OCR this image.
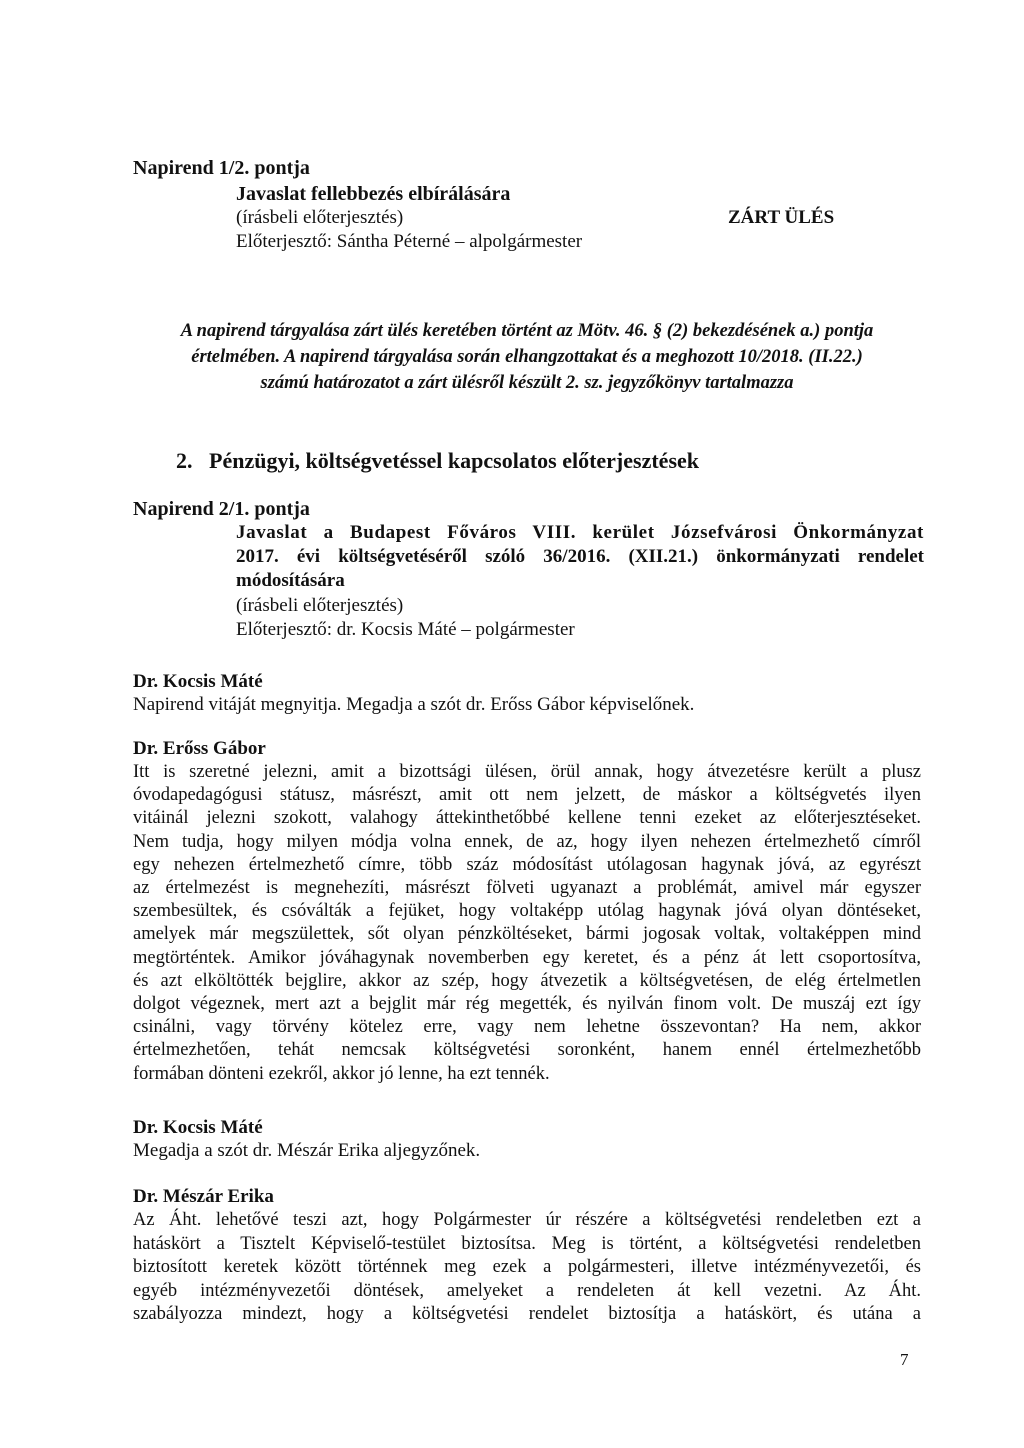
Napirend 1/2. pontja

Javaslat fellebbezés elbírálására

(írásbeli előterjesztés)

Előterjesztő: Sántha Péterné – alpolgármester

ZÁRT ÜLÉS

A napirend tárgyalása zárt ülés keretében történt az Mötv. 46. § (2) bekezdésének a.) pontja

értelmében. A napirend tárgyalása során elhangzottakat és a meghozott 10/2018. (II.22.)

számú határozatot a zárt ülésről készült 2. sz. jegyzőkönyv tartalmazza

2.   Pénzügyi, költségvetéssel kapcsolatos előterjesztések

Napirend 2/1. pontja

Javaslat a Budapest Főváros VIII. kerület Józsefvárosi Önkormányzat

2017. évi költségvetéséről szóló 36/2016. (XII.21.) önkormányzati rendelet

módosítására

(írásbeli előterjesztés)

Előterjesztő: dr. Kocsis Máté – polgármester

Dr. Kocsis Máté

Napirend vitáját megnyitja. Megadja a szót dr. Erőss Gábor képviselőnek.

Dr. Erőss Gábor

Itt is szeretné jelezni, amit a bizottsági ülésen, örül annak, hogy átvezetésre került a plusz
óvodapedagógusi státusz, másrészt, amit ott nem jelzett, de máskor a költségvetés ilyen
vitáinál jelezni szokott, valahogy áttekinthetőbbé kellene tenni ezeket az előterjesztéseket.
Nem tudja, hogy milyen módja volna ennek, de az, hogy ilyen nehezen értelmezhető címről
egy nehezen értelmezhető címre, több száz módosítást utólagosan hagynak jóvá, az egyrészt
az értelmezést is megnehezíti, másrészt fölveti ugyanazt a problémát, amivel már egyszer
szembesültek, és csóválták a fejüket, hogy voltaképp utólag hagynak jóvá olyan döntéseket,
amelyek már megszülettek, sőt olyan pénzköltéseket, bármi jogosak voltak, voltaképpen mind
megtörténtek. Amikor jóváhagynak novemberben egy keretet, és a pénz át lett csoportosítva,
és azt elköltötték bejglire, akkor az szép, hogy átvezetik a költségvetésen, de elég értelmetlen
dolgot végeznek, mert azt a bejglit már rég megették, és nyilván finom volt. De muszáj ezt így
csinálni, vagy törvény kötelez erre, vagy nem lehetne összevontan? Ha nem, akkor
értelmezhetően, tehát nemcsak költségvetési soronként, hanem ennél értelmezhetőbb
formában dönteni ezekről, akkor jó lenne, ha ezt tennék.

Dr. Kocsis Máté

Megadja a szót dr. Mészár Erika aljegyzőnek.

Dr. Mészár Erika

Az Áht. lehetővé teszi azt, hogy Polgármester úr részére a költségvetési rendeletben ezt a
hatáskört a Tisztelt Képviselő-testület biztosítsa. Meg is történt, a költségvetési rendeletben
biztosított keretek között történnek meg ezek a polgármesteri, illetve intézményvezetői, és
egyéb intézményvezetői döntések, amelyeket a rendeleten át kell vezetni. Az Áht.
szabályozza mindezt, hogy a költségvetési rendelet biztosítja a hatáskört, és utána a

7
